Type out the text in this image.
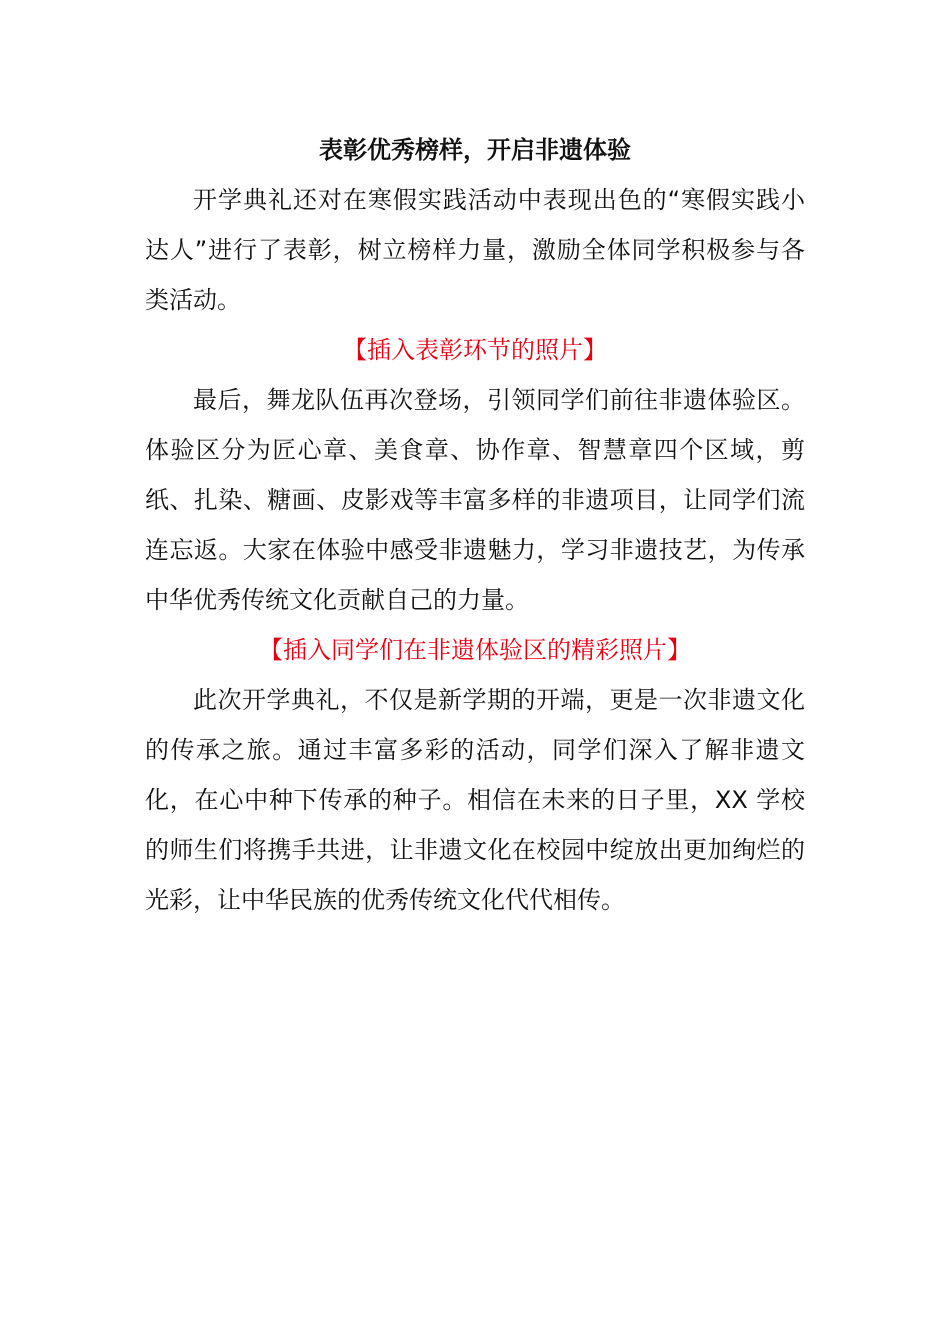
表彰优秀榜样，开启非遗体验

开学典礼还对在寒假实践活动中表现出色的“寒假实践小达人”进行了表彰，树立榜样力量，激励全体同学积极参与各类活动。

【插入表彰环节的照片】

最后，舞龙队伍再次登场，引领同学们前往非遗体验区。体验区分为匠心章、美食章、协作章、智慧章四个区域，剪纸、扎染、糖画、皮影戏等丰富多样的非遗项目，让同学们流连忘返。大家在体验中感受非遗魅力，学习非遗技艺，为传承中华优秀传统文化贡献自己的力量。

【插入同学们在非遗体验区的精彩照片】

此次开学典礼，不仅是新学期的开端，更是一次非遗文化的传承之旅。通过丰富多彩的活动，同学们深入了解非遗文化，在心中种下传承的种子。相信在未来的日子里，XX 学校的师生们将携手共进，让非遗文化在校园中绽放出更加绚烂的光彩，让中华民族的优秀传统文化代代相传。
